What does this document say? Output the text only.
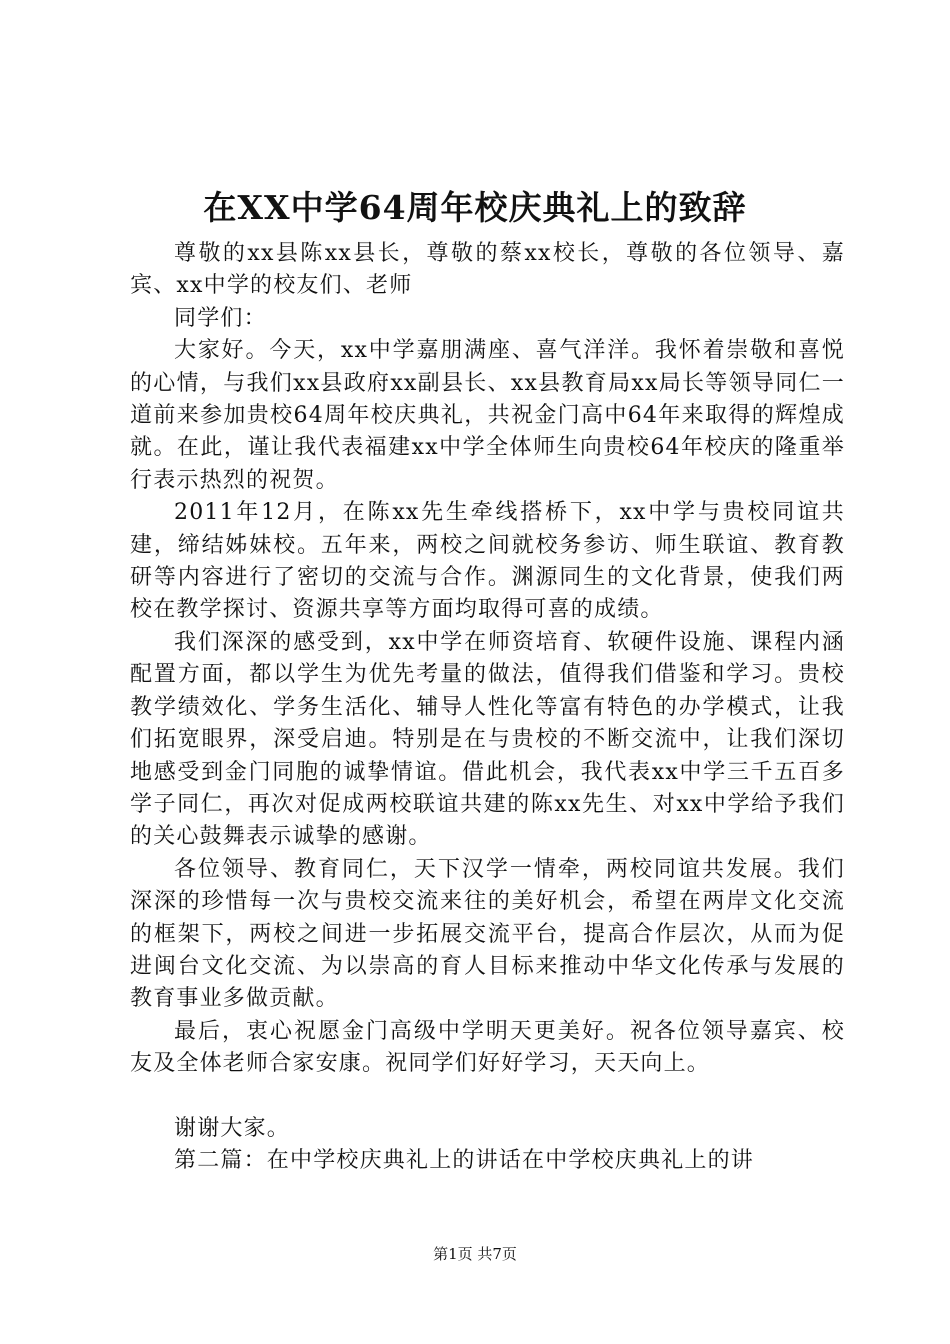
在XX中学64周年校庆典礼上的致辞

尊敬的xx县陈xx县长，尊敬的蔡xx校长，尊敬的各位领导、嘉宾、xx中学的校友们、老师

同学们：

大家好。今天，xx中学嘉朋满座、喜气洋洋。我怀着崇敬和喜悦的心情，与我们xx县政府xx副县长、xx县教育局xx局长等领导同仁一道前来参加贵校64周年校庆典礼，共祝金门高中64年来取得的辉煌成就。在此，谨让我代表福建xx中学全体师生向贵校64年校庆的隆重举行表示热烈的祝贺。

2011年12月，在陈xx先生牵线搭桥下，xx中学与贵校同谊共建，缔结姊妹校。五年来，两校之间就校务参访、师生联谊、教育教研等内容进行了密切的交流与合作。渊源同生的文化背景，使我们两校在教学探讨、资源共享等方面均取得可喜的成绩。

我们深深的感受到，xx中学在师资培育、软硬件设施、课程内涵配置方面，都以学生为优先考量的做法，值得我们借鉴和学习。贵校教学绩效化、学务生活化、辅导人性化等富有特色的办学模式，让我们拓宽眼界，深受启迪。特别是在与贵校的不断交流中，让我们深切地感受到金门同胞的诚挚情谊。借此机会，我代表xx中学三千五百多学子同仁，再次对促成两校联谊共建的陈xx先生、对xx中学给予我们的关心鼓舞表示诚挚的感谢。

各位领导、教育同仁，天下汉学一情牵，两校同谊共发展。我们深深的珍惜每一次与贵校交流来往的美好机会，希望在两岸文化交流的框架下，两校之间进一步拓展交流平台，提高合作层次，从而为促进闽台文化交流、为以崇高的育人目标来推动中华文化传承与发展的教育事业多做贡献。

最后，衷心祝愿金门高级中学明天更美好。祝各位领导嘉宾、校友及全体老师合家安康。祝同学们好好学习，天天向上。

谢谢大家。

第二篇：在中学校庆典礼上的讲话在中学校庆典礼上的讲

第1页 共7页
